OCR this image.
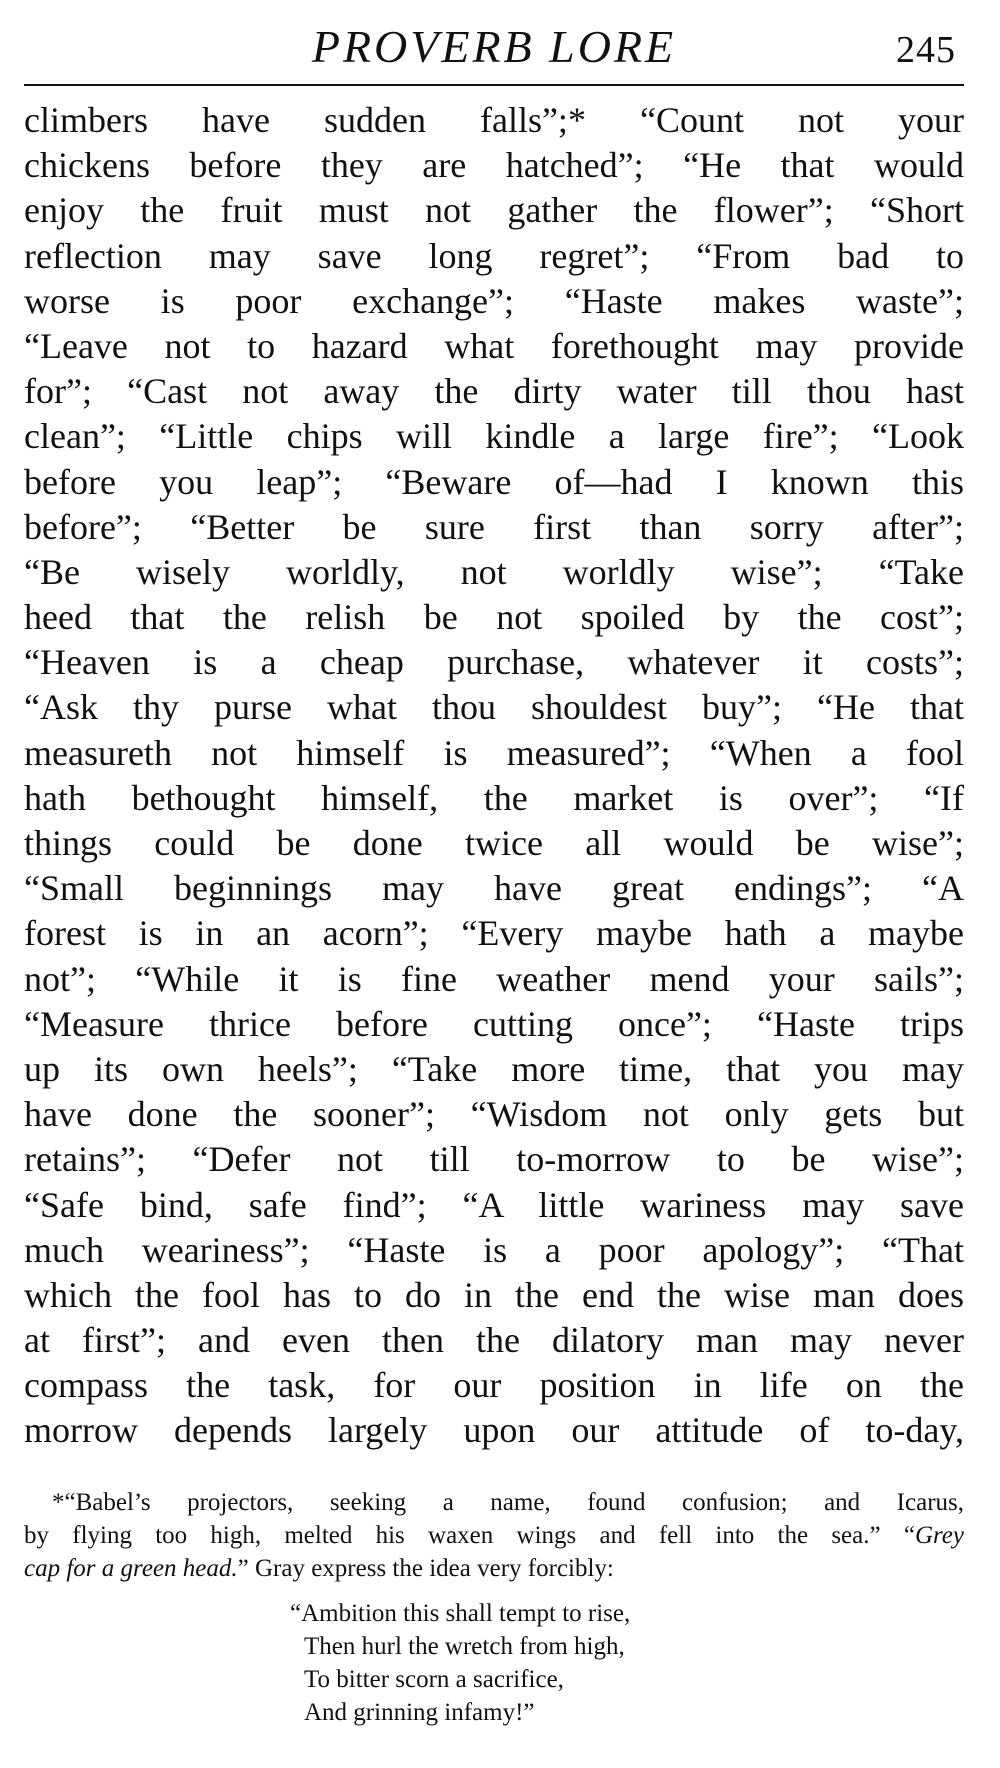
PROVERB LORE	245
climbers have sudden falls”;* “Count not your
chickens before they are hatched”; “He that would
enjoy the fruit must not gather the flower”; “Short
reflection may save long regret”; “From bad to
worse is poor exchange”; “Haste makes waste”;
“Leave not to hazard what forethought may provide
for”; “Cast not away the dirty water till thou hast
clean”; “Little chips will kindle a large fire”; “Look
before you leap”; “Beware of—had I known this
before”; “Better be sure first than sorry after”;
“Be wisely worldly, not worldly wise”; “Take
heed that the relish be not spoiled by the cost”;
“Heaven is a cheap purchase, whatever it costs”;
“Ask thy purse what thou shouldest buy”; “He that
measureth not himself is measured”; “When a fool
hath bethought himself, the market is over”; “If
things could be done twice all would be wise”;
“Small beginnings may have great endings”; “A
forest is in an acorn”; “Every maybe hath a maybe
not”; “While it is fine weather mend your sails”;
“Measure thrice before cutting once”; “Haste trips
up its own heels”; “Take more time, that you may
have done the sooner”; “Wisdom not only gets but
retains”; “Defer not till to-morrow to be wise”;
“Safe bind, safe find”; “A little wariness may save
much weariness”; “Haste is a poor apology”; “That
which the fool has to do in the end the wise man does
at first”; and even then the dilatory man may never
compass the task, for our position in life on the
morrow depends largely upon our attitude of to-day,
*“Babel’s projectors, seeking a name, found confusion; and Icarus,
by flying too high, melted his waxen wings and fell into the sea.” “Grey
cap for a green head.” Gray express the idea very forcibly:
“Ambition this shall tempt to rise,
Then hurl the wretch from high,
To bitter scorn a sacrifice,
And grinning infamy!”
